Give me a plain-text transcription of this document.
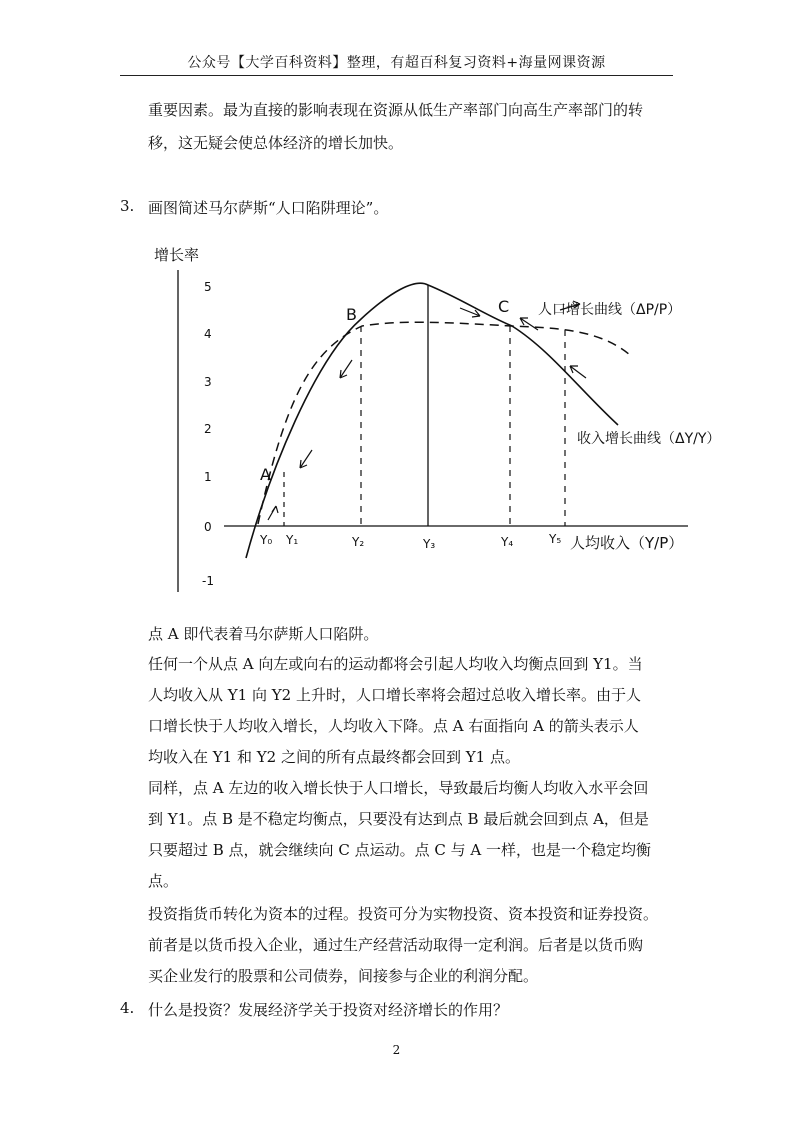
公众号【大学百科资料】整理，有超百科复习资料+海量网课资源
重要因素。最为直接的影响表现在资源从低生产率部门向高生产率部门的转
移，这无疑会使总体经济的增长加快。
3. 画图简述马尔萨斯“人口陷阱理论”。
增长率
5
4
3
2
1
0
-1
A
B	C 人口增长曲线（ΔP/P）
收入增长曲线（ΔY/Y）
Y₀ Y₁	Y₂	Y₃	Y₄	Y₅ 人均收入（Y/P）
点 A 即代表着马尔萨斯人口陷阱。
任何一个从点 A 向左或向右的运动都将会引起人均收入均衡点回到 Y1。当
人均收入从 Y1 向 Y2 上升时，人口增长率将会超过总收入增长率。由于人
口增长快于人均收入增长，人均收入下降。点 A 右面指向 A 的箭头表示人
均收入在 Y1 和 Y2 之间的所有点最终都会回到 Y1 点。
同样，点 A 左边的收入增长快于人口增长，导致最后均衡人均收入水平会回
到 Y1。点 B 是不稳定均衡点，只要没有达到点 B 最后就会回到点 A，但是
只要超过 B 点，就会继续向 C 点运动。点 C 与 A 一样，也是一个稳定均衡
点。
投资指货币转化为资本的过程。投资可分为实物投资、资本投资和证券投资。
前者是以货币投入企业，通过生产经营活动取得一定利润。后者是以货币购
买企业发行的股票和公司债券，间接参与企业的利润分配。
4. 什么是投资？发展经济学关于投资对经济增长的作用？
2
